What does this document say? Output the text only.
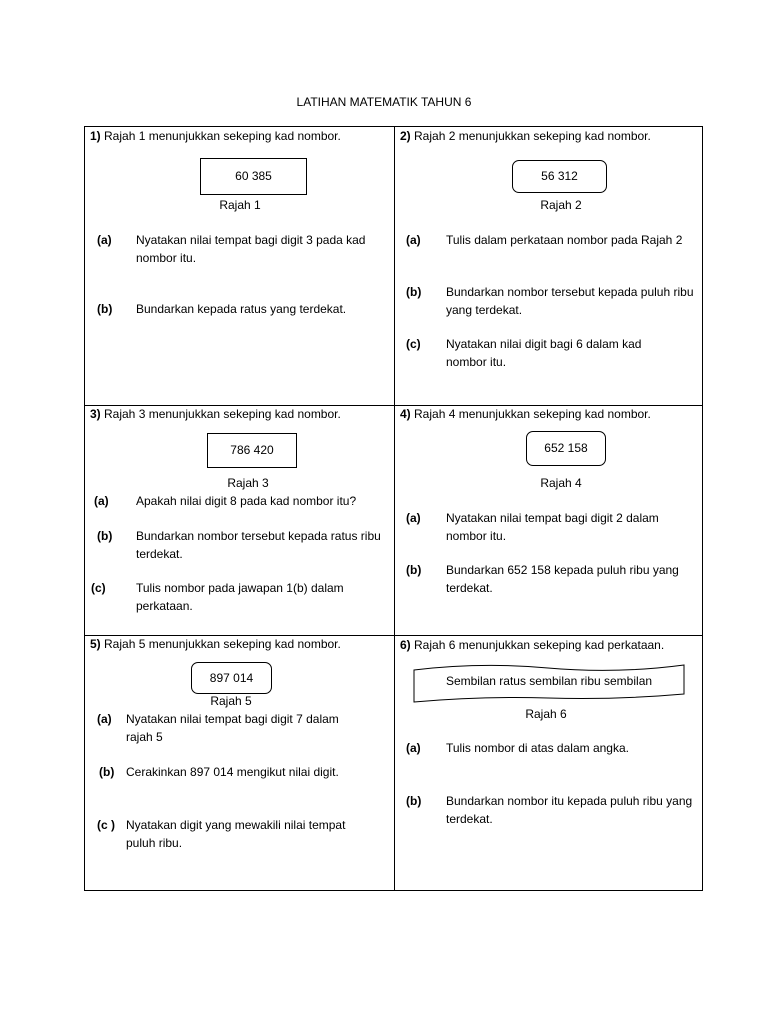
LATIHAN MATEMATIK TAHUN 6
1) Rajah 1 menunjukkan sekeping kad nombor.
60 385
Rajah 1
(a) Nyatakan nilai tempat bagi digit 3 pada kad nombor itu.
(b) Bundarkan kepada ratus yang terdekat.
2) Rajah 2 menunjukkan sekeping kad nombor.
56 312
Rajah 2
(a) Tulis dalam perkataan nombor pada Rajah 2
(b) Bundarkan nombor tersebut kepada puluh ribu yang terdekat.
(c) Nyatakan nilai digit bagi 6 dalam kad nombor itu.
3) Rajah 3 menunjukkan sekeping kad nombor.
786 420
Rajah 3
(a) Apakah nilai digit 8 pada kad nombor itu?
(b) Bundarkan nombor tersebut kepada ratus ribu terdekat.
(c)	Tulis nombor pada jawapan 1(b) dalam perkataan.
4) Rajah 4 menunjukkan sekeping kad nombor.
652 158
Rajah 4
(a) Nyatakan nilai tempat bagi digit 2 dalam nombor itu.
(b) Bundarkan 652 158 kepada puluh ribu yang terdekat.
5) Rajah 5 menunjukkan sekeping kad nombor.
897 014
Rajah 5
(a) Nyatakan nilai tempat bagi digit 7 dalam rajah 5
(b) Cerakinkan 897 014 mengikut nilai digit.
(c ) Nyatakan digit yang mewakili nilai tempat puluh ribu.
6) Rajah 6 menunjukkan sekeping kad perkataan.
Sembilan ratus sembilan ribu sembilan
Rajah 6
(a) Tulis nombor di atas dalam angka.
(b) Bundarkan nombor itu kepada puluh ribu yang terdekat.
